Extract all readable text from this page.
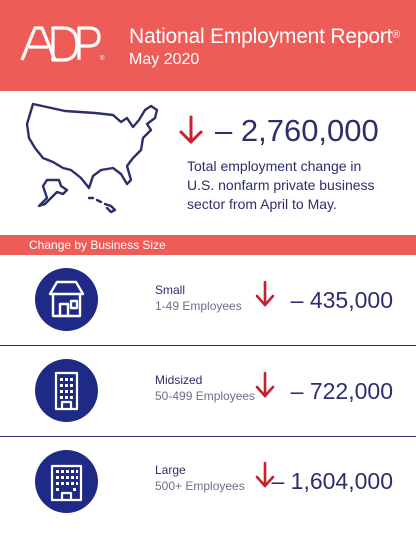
®
National Employment Report®
May 2020
– 2,760,000
Total employment change in
U.S. nonfarm private business
sector from April to May.
Change by Business Size
Small
1-49 Employees – 435,000
Midsized
50-499 Employees – 722,000
Large
500+ Employees – 1,604,000
